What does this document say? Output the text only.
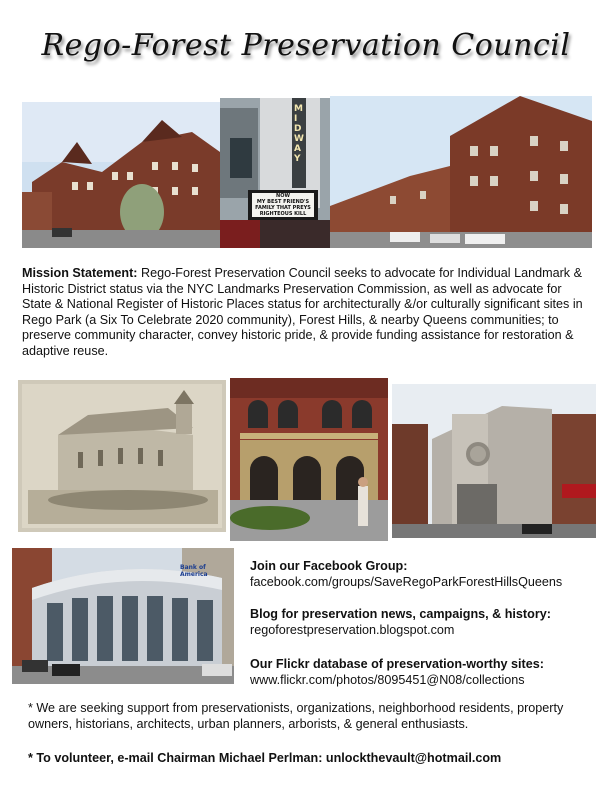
Rego-Forest Preservation Council
MIDWAY
NOW
MY BEST FRIEND'S
FAMILY THAT PREYS
RIGHTEOUS KILL
Mission Statement: Rego-Forest Preservation Council seeks to advocate for Individual Landmark & Historic District status via the NYC Landmarks Preservation Commission, as well as advocate for State & National Register of Historic Places status for architecturally &/or culturally significant sites in Rego Park (a Six To Celebrate 2020 community), Forest Hills, & nearby Queens communities; to preserve community character, convey historic pride, & provide funding assistance for restoration & adaptive reuse.
Bank of America
Join our Facebook Group:
facebook.com/groups/SaveRegoParkForestHillsQueens
Blog for preservation news, campaigns, & history:
regoforestpreservation.blogspot.com
Our Flickr database of preservation-worthy sites:
www.flickr.com/photos/8095451@N08/collections
* We are seeking support from preservationists, organizations, neighborhood residents, property owners, historians, architects, urban planners, arborists, & general enthusiasts.
* To volunteer, e-mail Chairman Michael Perlman: unlockthevault@hotmail.com
